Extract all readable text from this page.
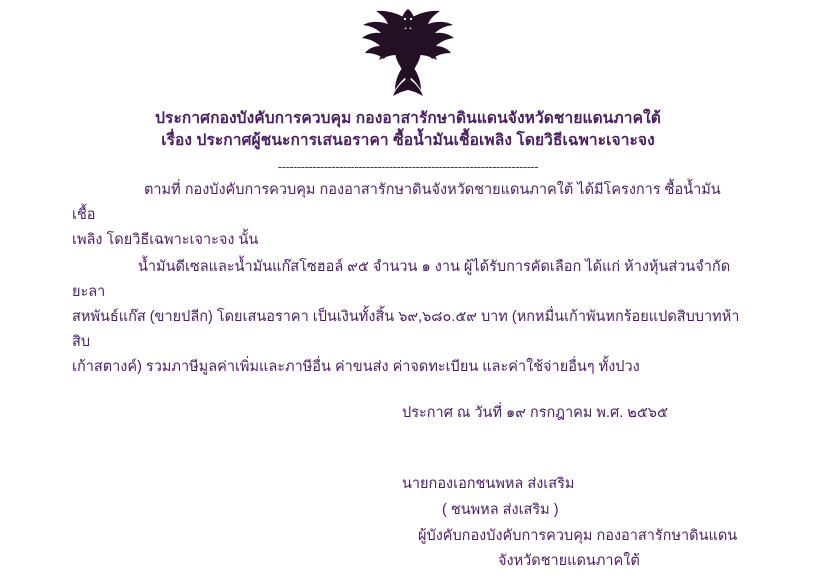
ประกาศกองบังคับการควบคุม กองอาสารักษาดินแดนจังหวัดชายแดนภาคใต้
เรื่อง ประกาศผู้ชนะการเสนอราคา ซื้อน้ำมันเชื้อเพลิง โดยวิธีเฉพาะเจาะจง
--------------------------------------------------------------------
ตามที่ กองบังคับการควบคุม กองอาสารักษาดินจังหวัดชายแดนภาคใต้ ได้มีโครงการ ซื้อน้ำมันเชื้อ
เพลิง โดยวิธีเฉพาะเจาะจง นั้น
น้ำมันดีเซลและน้ำมันแก๊สโซฮอล์ ๙๕ จำนวน ๑ งาน ผู้ได้รับการคัดเลือก ได้แก่ ห้างหุ้นส่วนจำกัด ยะลา
สหพันธ์แก๊ส (ขายปลีก) โดยเสนอราคา เป็นเงินทั้งสิ้น ๖๙,๖๘๐.๕๙ บาท (หกหมื่นเก้าพันหกร้อยแปดสิบบาทห้าสิบ
เก้าสตางค์) รวมภาษีมูลค่าเพิ่มและภาษีอื่น ค่าขนส่ง ค่าจดทะเบียน และค่าใช้จ่ายอื่นๆ ทั้งปวง
ประกาศ ณ วันที่ ๑๙ กรกฎาคม พ.ศ. ๒๕๖๕
นายกองเอกชนพหล ส่งเสริม
( ชนพหล ส่งเสริม )
ผู้บังคับกองบังคับการควบคุม กองอาสารักษาดินแดน
จังหวัดชายแดนภาคใต้
